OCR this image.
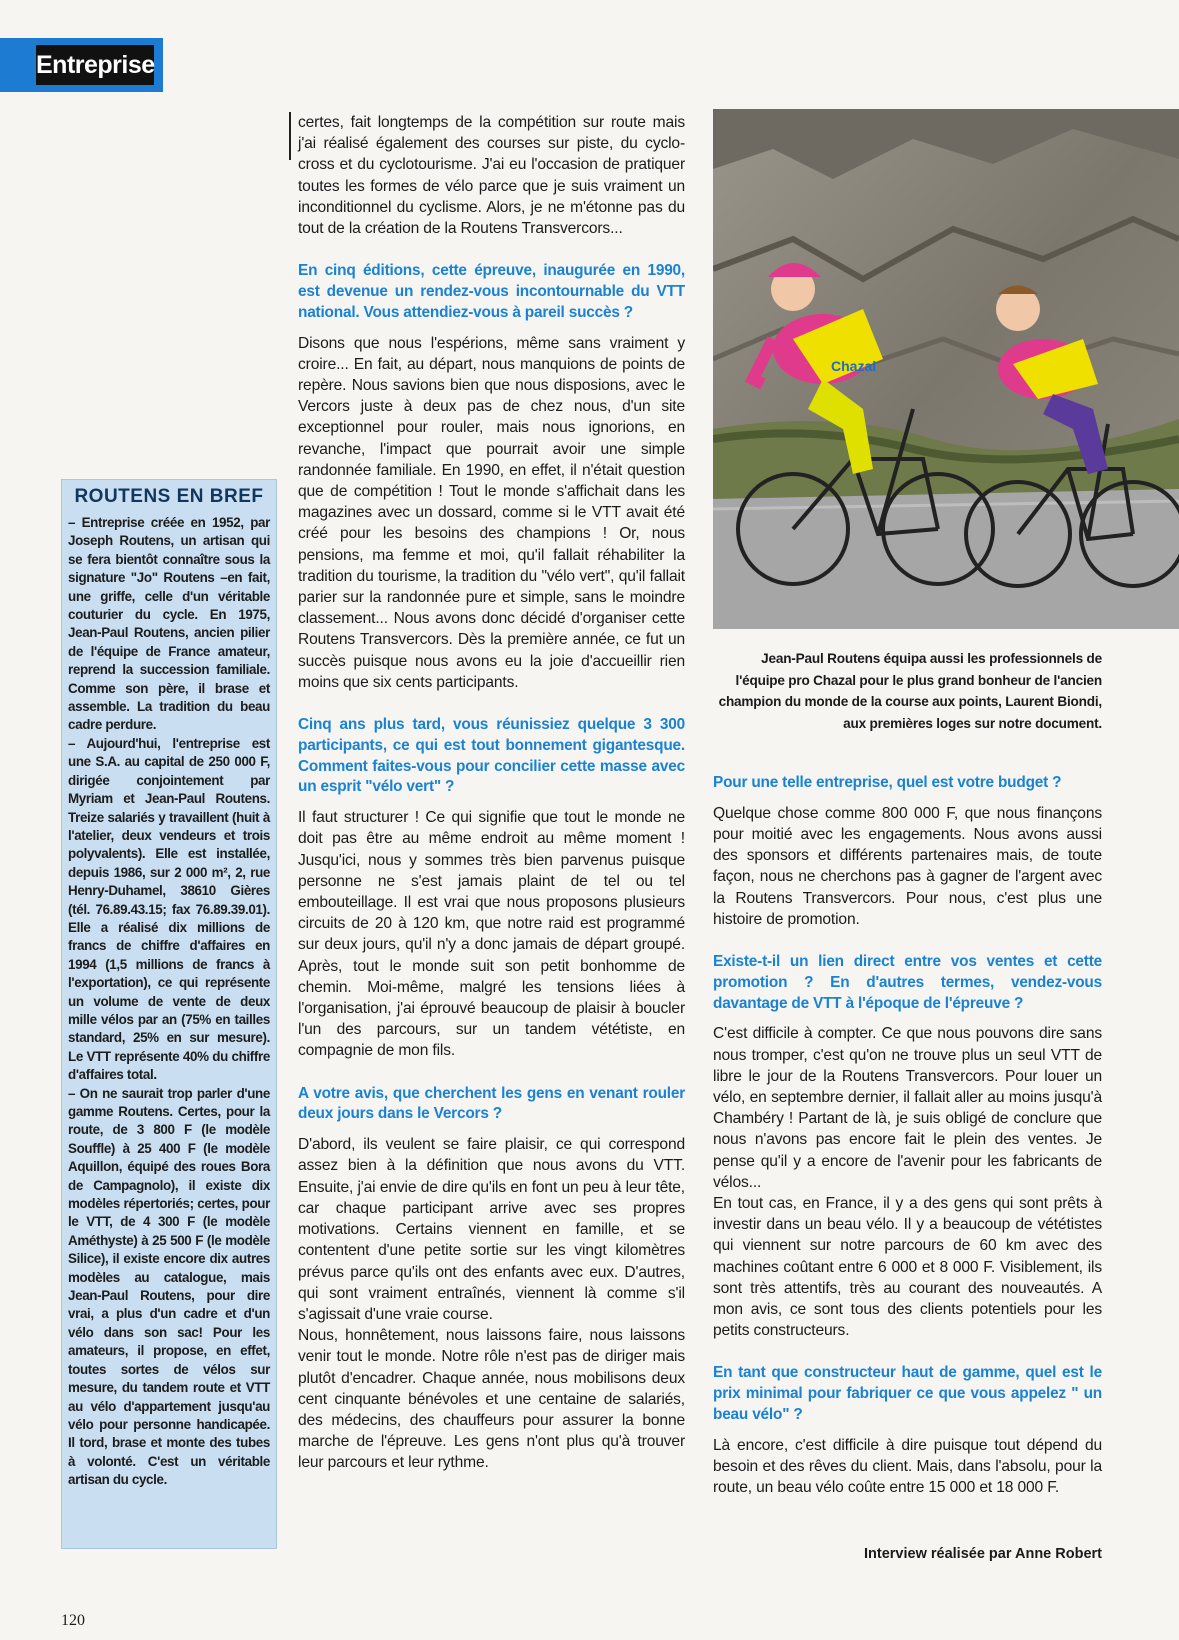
Entreprise
ROUTENS EN BREF

– Entreprise créée en 1952, par Joseph Routens, un artisan qui se fera bientôt connaître sous la signature "Jo" Routens –en fait, une griffe, celle d'un véritable couturier du cycle. En 1975, Jean-Paul Routens, ancien pilier de l'équipe de France amateur, reprend la succession familiale. Comme son père, il brase et assemble. La tradition du beau cadre perdure.

– Aujourd'hui, l'entreprise est une S.A. au capital de 250 000 F, dirigée conjointement par Myriam et Jean-Paul Routens. Treize salariés y travaillent (huit à l'atelier, deux vendeurs et trois polyvalents). Elle est installée, depuis 1986, sur 2 000 m², 2, rue Henry-Duhamel, 38610 Gières (tél. 76.89.43.15; fax 76.89.39.01). Elle a réalisé dix millions de francs de chiffre d'affaires en 1994 (1,5 millions de francs à l'exportation), ce qui représente un volume de vente de deux mille vélos par an (75% en tailles standard, 25% en sur mesure). Le VTT représente 40% du chiffre d'affaires total.

– On ne saurait trop parler d'une gamme Routens. Certes, pour la route, de 3 800 F (le modèle Souffle) à 25 400 F (le modèle Aquillon, équipé des roues Bora de Campagnolo), il existe dix modèles répertoriés; certes, pour le VTT, de 4 300 F (le modèle Améthyste) à 25 500 F (le modèle Silice), il existe encore dix autres modèles au catalogue, mais Jean-Paul Routens, pour dire vrai, a plus d'un cadre et d'un vélo dans son sac! Pour les amateurs, il propose, en effet, toutes sortes de vélos sur mesure, du tandem route et VTT au vélo d'appartement jusqu'au vélo pour personne handicapée. Il tord, brase et monte des tubes à volonté. C'est un véritable artisan du cycle.

certes, fait longtemps de la compétition sur route mais j'ai réalisé également des courses sur piste, du cyclo-cross et du cyclotourisme. J'ai eu l'occasion de pratiquer toutes les formes de vélo parce que je suis vraiment un inconditionnel du cyclisme. Alors, je ne m'étonne pas du tout de la création de la Routens Transvercors...

En cinq éditions, cette épreuve, inaugurée en 1990, est devenue un rendez-vous incontournable du VTT national. Vous attendiez-vous à pareil succès ?

Disons que nous l'espérions, même sans vraiment y croire... En fait, au départ, nous manquions de points de repère. Nous savions bien que nous disposions, avec le Vercors juste à deux pas de chez nous, d'un site exceptionnel pour rouler, mais nous ignorions, en revanche, l'impact que pourrait avoir une simple randonnée familiale. En 1990, en effet, il n'était question que de compétition ! Tout le monde s'affichait dans les magazines avec un dossard, comme si le VTT avait été créé pour les besoins des champions ! Or, nous pensions, ma femme et moi, qu'il fallait réhabiliter la tradition du tourisme, la tradition du "vélo vert", qu'il fallait parier sur la randonnée pure et simple, sans le moindre classement... Nous avons donc décidé d'organiser cette Routens Transvercors. Dès la première année, ce fut un succès puisque nous avons eu la joie d'accueillir rien moins que six cents participants.

Cinq ans plus tard, vous réunissiez quelque 3 300 participants, ce qui est tout bonnement gigantesque. Comment faites-vous pour concilier cette masse avec un esprit "vélo vert" ?

Il faut structurer ! Ce qui signifie que tout le monde ne doit pas être au même endroit au même moment ! Jusqu'ici, nous y sommes très bien parvenus puisque personne ne s'est jamais plaint de tel ou tel embouteillage. Il est vrai que nous proposons plusieurs circuits de 20 à 120 km, que notre raid est programmé sur deux jours, qu'il n'y a donc jamais de départ groupé. Après, tout le monde suit son petit bonhomme de chemin. Moi-même, malgré les tensions liées à l'organisation, j'ai éprouvé beaucoup de plaisir à boucler l'un des parcours, sur un tandem vététiste, en compagnie de mon fils.

A votre avis, que cherchent les gens en venant rouler deux jours dans le Vercors ?

D'abord, ils veulent se faire plaisir, ce qui correspond assez bien à la définition que nous avons du VTT. Ensuite, j'ai envie de dire qu'ils en font un peu à leur tête, car chaque participant arrive avec ses propres motivations. Certains viennent en famille, et se contentent d'une petite sortie sur les vingt kilomètres prévus parce qu'ils ont des enfants avec eux. D'autres, qui sont vraiment entraînés, viennent là comme s'il s'agissait d'une vraie course.

Nous, honnêtement, nous laissons faire, nous laissons venir tout le monde. Notre rôle n'est pas de diriger mais plutôt d'encadrer. Chaque année, nous mobilisons deux cent cinquante bénévoles et une centaine de salariés, des médecins, des chauffeurs pour assurer la bonne marche de l'épreuve. Les gens n'ont plus qu'à trouver leur parcours et leur rythme.

Chazal
Jean-Paul Routens équipa aussi les professionnels de l'équipe pro Chazal pour le plus grand bonheur de l'ancien champion du monde de la course aux points, Laurent Biondi, aux premières loges sur notre document.
Pour une telle entreprise, quel est votre budget ?

Quelque chose comme 800 000 F, que nous finançons pour moitié avec les engagements. Nous avons aussi des sponsors et différents partenaires mais, de toute façon, nous ne cherchons pas à gagner de l'argent avec la Routens Transvercors. Pour nous, c'est plus une histoire de promotion.

Existe-t-il un lien direct entre vos ventes et cette promotion ? En d'autres termes, vendez-vous davantage de VTT à l'époque de l'épreuve ?

C'est difficile à compter. Ce que nous pouvons dire sans nous tromper, c'est qu'on ne trouve plus un seul VTT de libre le jour de la Routens Transvercors. Pour louer un vélo, en septembre dernier, il fallait aller au moins jusqu'à Chambéry ! Partant de là, je suis obligé de conclure que nous n'avons pas encore fait le plein des ventes. Je pense qu'il y a encore de l'avenir pour les fabricants de vélos...

En tout cas, en France, il y a des gens qui sont prêts à investir dans un beau vélo. Il y a beaucoup de vététistes qui viennent sur notre parcours de 60 km avec des machines coûtant entre 6 000 et 8 000 F. Visiblement, ils sont très attentifs, très au courant des nouveautés. A mon avis, ce sont tous des clients potentiels pour les petits constructeurs.

En tant que constructeur haut de gamme, quel est le prix minimal pour fabriquer ce que vous appelez " un beau vélo" ?

Là encore, c'est difficile à dire puisque tout dépend du besoin et des rêves du client. Mais, dans l'absolu, pour la route, un beau vélo coûte entre 15 000 et 18 000 F.

Interview réalisée par Anne Robert
120
